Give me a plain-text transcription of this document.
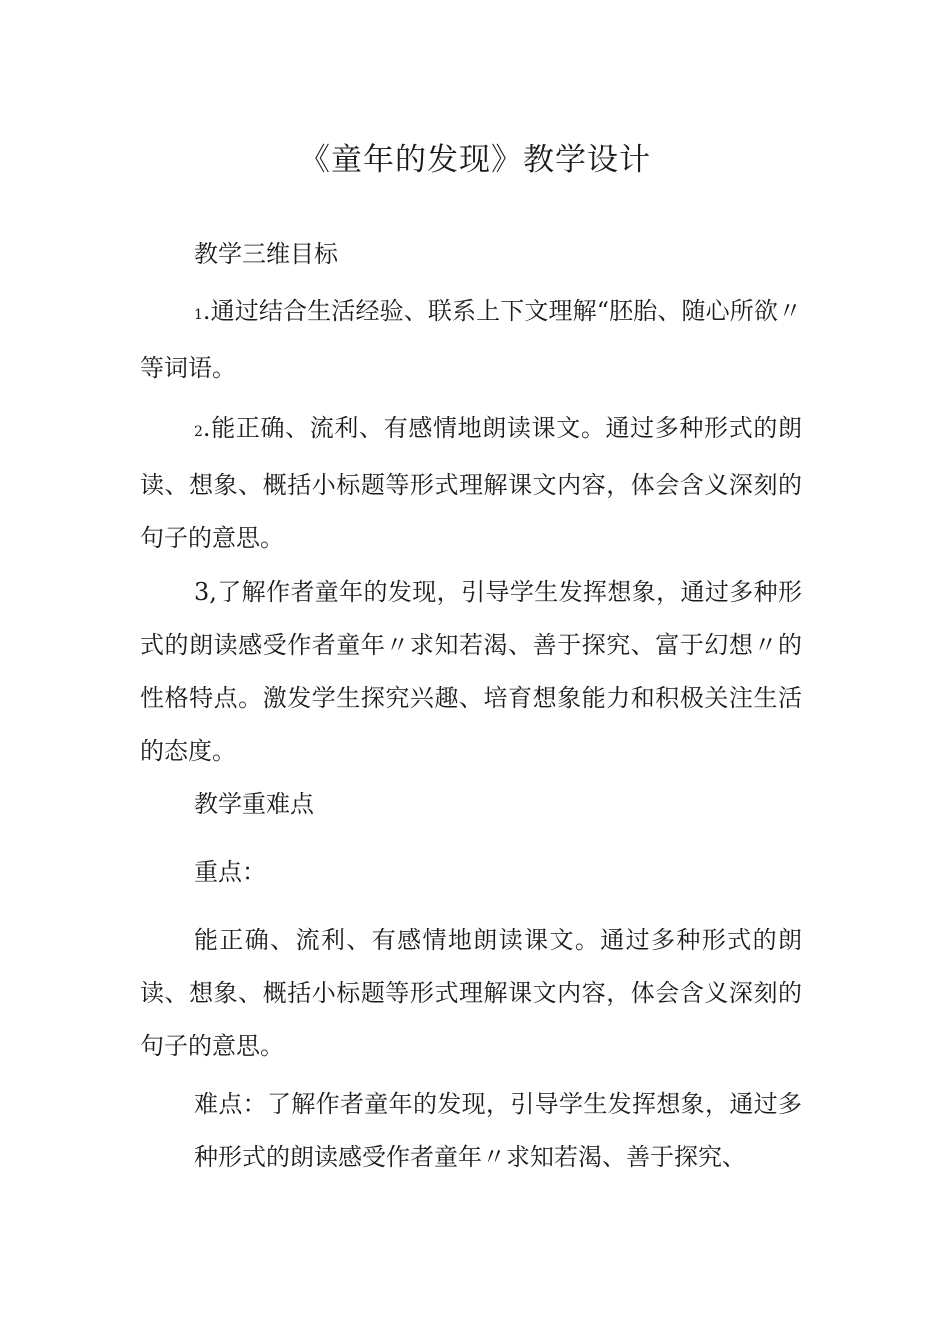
《童年的发现》教学设计

教学三维目标

1.通过结合生活经验、联系上下文理解“胚胎、随心所欲〃等词语。

2.能正确、流利、有感情地朗读课文。通过多种形式的朗读、想象、概括小标题等形式理解课文内容，体会含义深刻的句子的意思。

3,了解作者童年的发现，引导学生发挥想象，通过多种形式的朗读感受作者童年〃求知若渴、善于探究、富于幻想〃的性格特点。激发学生探究兴趣、培育想象能力和积极关注生活的态度。

教学重难点

重点：

能正确、流利、有感情地朗读课文。通过多种形式的朗读、想象、概括小标题等形式理解课文内容，体会含义深刻的句子的意思。

难点：了解作者童年的发现，引导学生发挥想象，通过多种形式的朗读感受作者童年〃求知若渴、善于探究、
